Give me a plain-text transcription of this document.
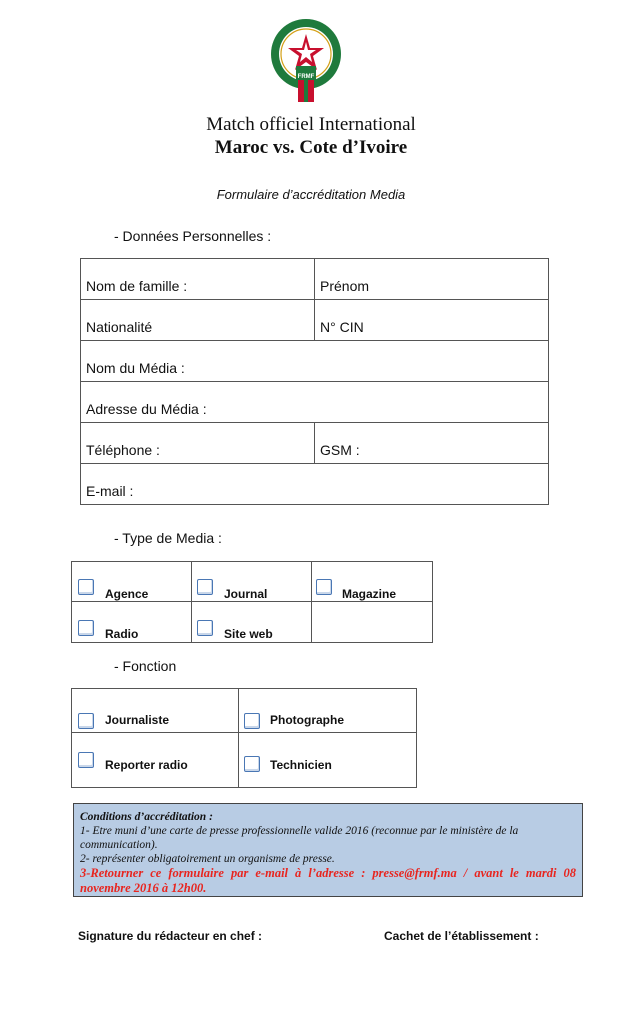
FRMF
Match officiel International
Maroc vs. Cote d’Ivoire
Formulaire d’accréditation Media
- Données Personnelles :
Nom de famille :	Prénom

Nationalité	N° CIN

Nom du Média :	

Adresse du Média :	

Téléphone :	GSM :

E-mail :	
- Type de Media :
Agence	Journal	Magazine

Radio	Site web	

- Fonction
Journaliste	Photographe

Reporter radio	Technicien
Conditions d’accréditation :
1- Etre muni d’une carte de presse professionnelle valide 2016 (reconnue par le ministère de la communication).
2- représenter obligatoirement un organisme de presse.
3-Retourner ce formulaire par e-mail à l’adresse : presse@frmf.ma / avant le mardi 08 novembre 2016 à 12h00.
Signature du rédacteur en chef :	Cachet de l’établissement :
